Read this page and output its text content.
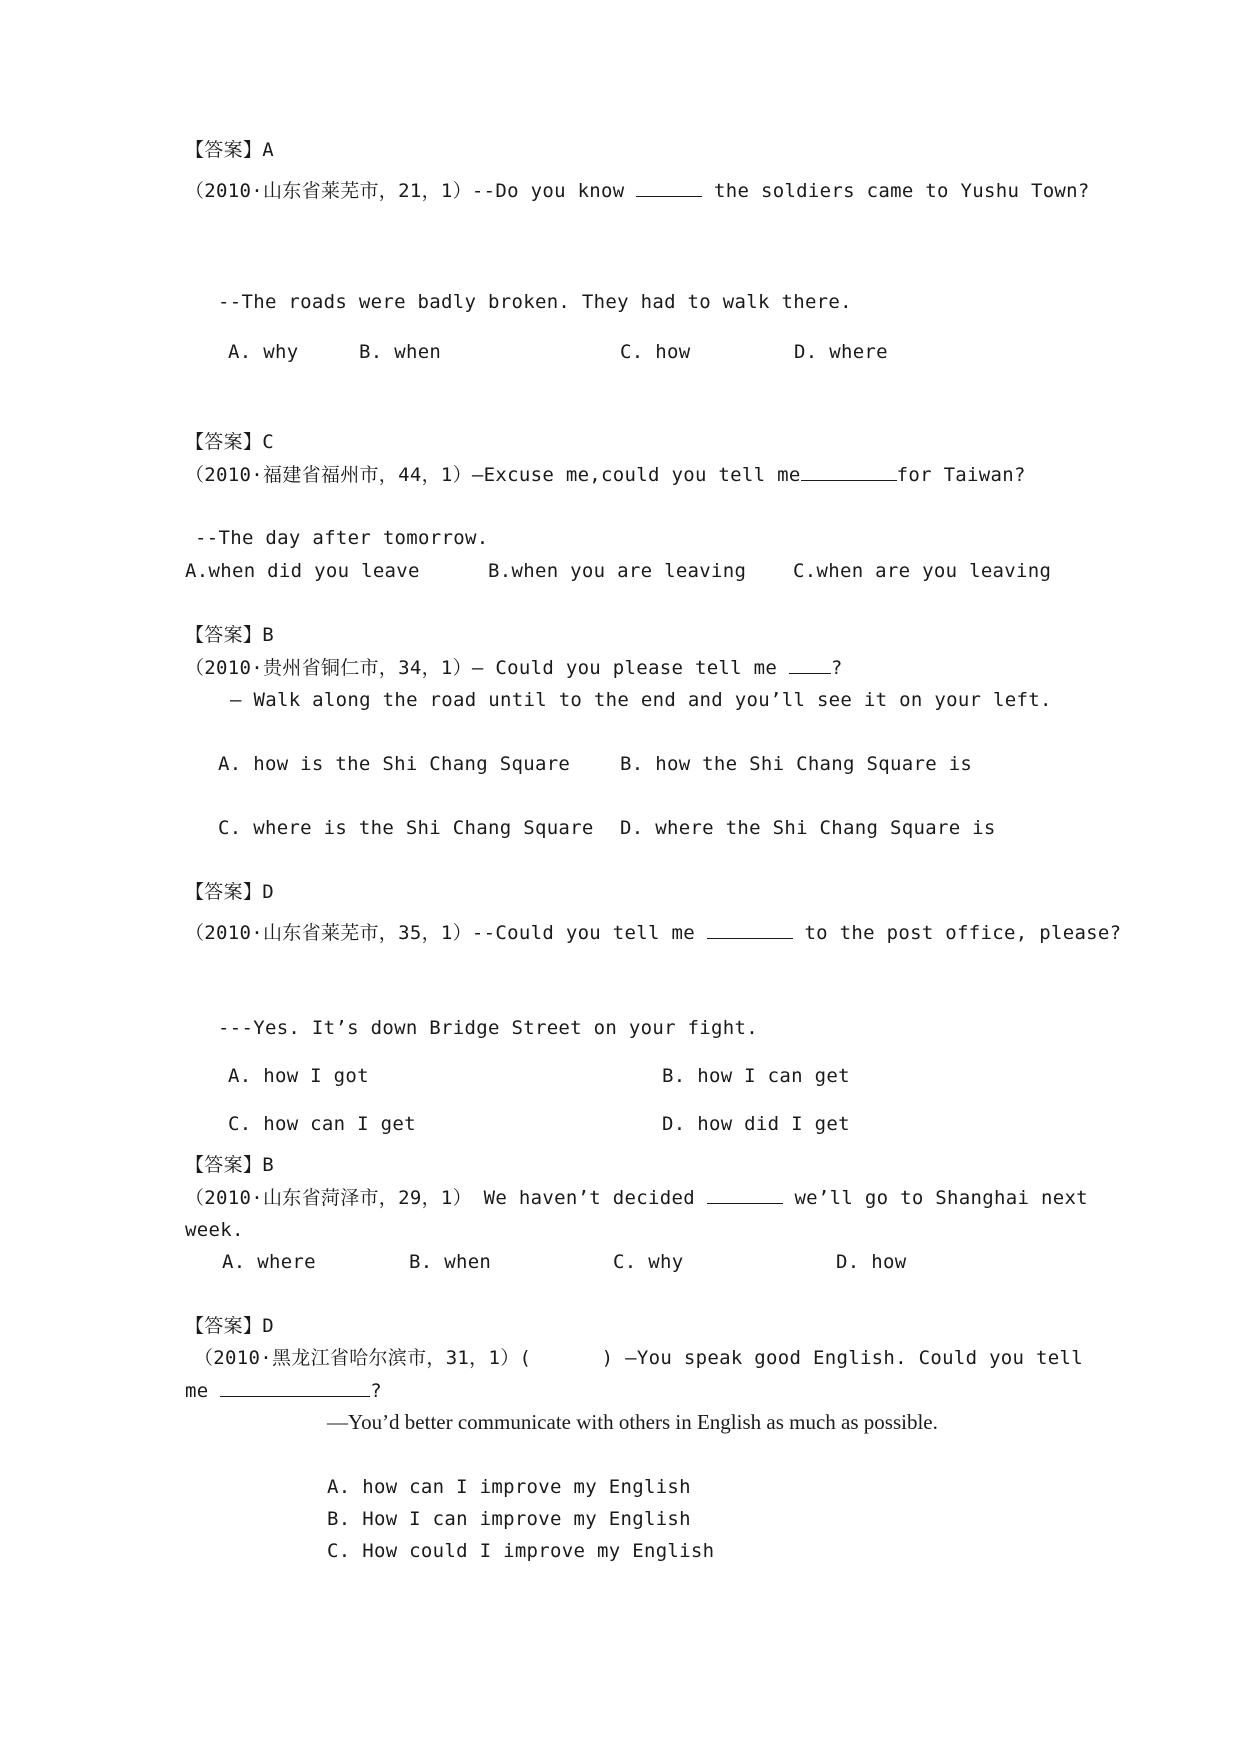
【答案】A
（2010·山东省莱芜市，21，1）--Do you know	the soldiers came to Yushu Town?
--The roads were badly broken. They had to walk there.
A. why	B. when	C. how	D. where
【答案】C
（2010·福建省福州市，44，1）—Excuse me,could you tell me	for Taiwan?
--The day after tomorrow.
A.when did you leave	B.when you are leaving C.when are you leaving
【答案】B
（2010·贵州省铜仁市，34，1）— Could you please tell me ?
— Walk along the road until to the end and you’ll see it on your left.
A. how is the Shi Chang Square	B. how the Shi Chang Square is
C. where is the Shi Chang Square D. where the Shi Chang Square is
【答案】D
（2010·山东省莱芜市，35，1）--Could you tell me	to the post office, please?
---Yes. It’s down Bridge Street on your fight.
A. how I got	B. how I can get
C. how can I get	D. how did I get
【答案】B
（2010·山东省菏泽市，29，1） We haven’t decided	we’ll go to Shanghai next
week.
A. where	B. when	C. why	D. how
【答案】D
（2010·黑龙江省哈尔滨市，31，1）(      ) —You speak good English. Could you tell
me	?
—You’d better communicate with others in English as much as possible.
A. how can I improve my English
B. How I can improve my English
C. How could I improve my English
